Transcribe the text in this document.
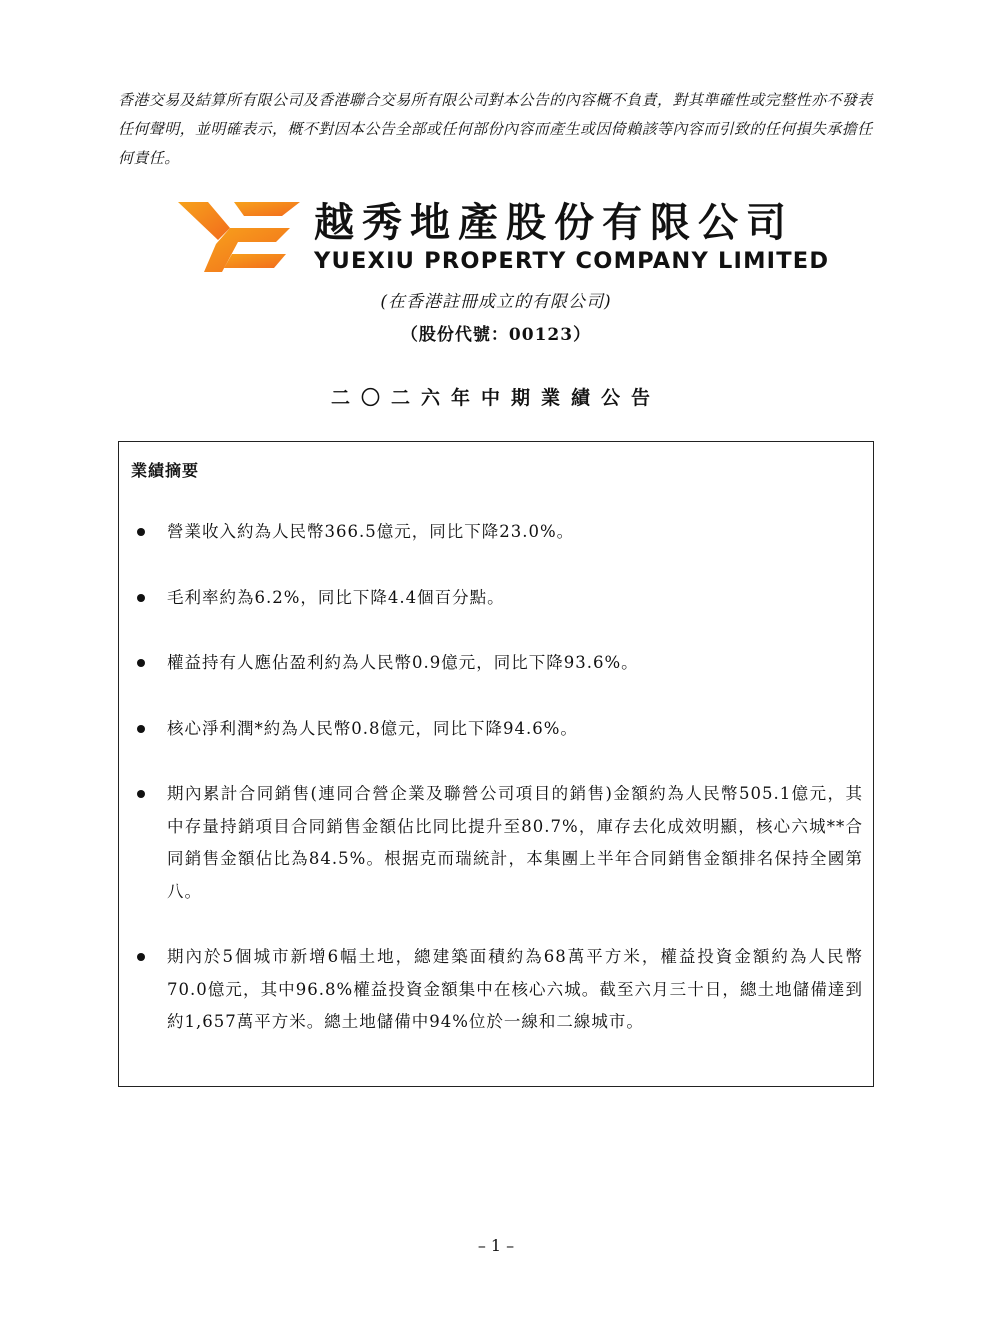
香港交易及結算所有限公司及香港聯合交易所有限公司對本公告的內容概不負責，對其準確性或完整性亦不發表任何聲明，並明確表示，概不對因本公告全部或任何部份內容而產生或因倚賴該等內容而引致的任何損失承擔任何責任。
越秀地產股份有限公司
YUEXIU PROPERTY COMPANY LIMITED
(在香港註冊成立的有限公司)
（股份代號：00123）
二〇二六年中期業績公告
業績摘要
營業收入約為人民幣366.5億元，同比下降23.0%。
毛利率約為6.2%，同比下降4.4個百分點。
權益持有人應佔盈利約為人民幣0.9億元，同比下降93.6%。
核心淨利潤*約為人民幣0.8億元，同比下降94.6%。
期內累計合同銷售(連同合營企業及聯營公司項目的銷售)金額約為人民幣505.1億元，其中存量持銷項目合同銷售金額佔比同比提升至80.7%，庫存去化成效明顯，核心六城**合同銷售金額佔比為84.5%。根据克而瑞統計，本集團上半年合同銷售金額排名保持全國第八。
期內於5個城市新增6幅土地，總建築面積約為68萬平方米，權益投資金額約為人民幣70.0億元，其中96.8%權益投資金額集中在核心六城。截至六月三十日，總土地儲備達到約1,657萬平方米。總土地儲備中94%位於一線和二線城市。
– 1 –
